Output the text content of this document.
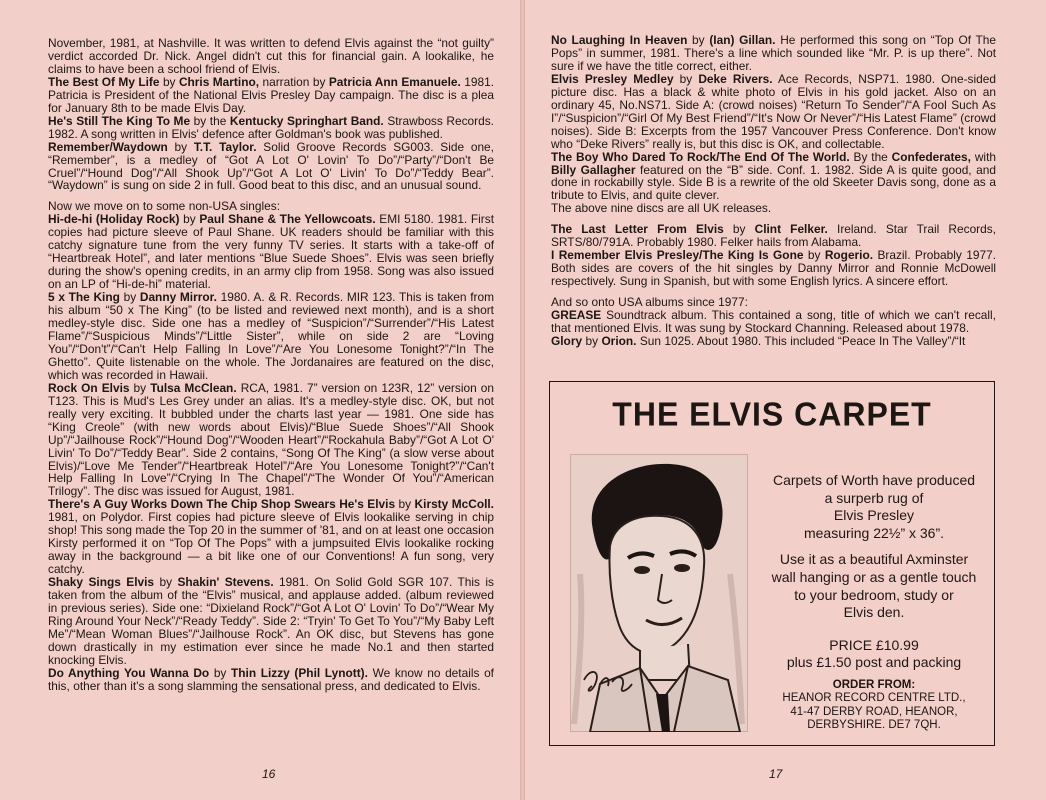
November, 1981, at Nashville. It was written to defend Elvis against the “not guilty” verdict accorded Dr. Nick. Angel didn't cut this for financial gain. A lookalike, he claims to have been a school friend of Elvis.

The Best Of My Life by Chris Martino, narration by Patricia Ann Emanuele. 1981. Patricia is President of the National Elvis Presley Day campaign. The disc is a plea for January 8th to be made Elvis Day.

He's Still The King To Me by the Kentucky Springhart Band. Strawboss Records. 1982. A song written in Elvis' defence after Goldman's book was published.

Remember/Waydown by T.T. Taylor. Solid Groove Records SG003. Side one, “Remember”, is a medley of “Got A Lot O' Lovin' To Do”/“Party”/“Don't Be Cruel”/“Hound Dog”/“All Shook Up”/“Got A Lot O' Livin' To Do”/“Teddy Bear”. “Waydown” is sung on side 2 in full. Good beat to this disc, and an unusual sound.

Now we move on to some non-USA singles:

Hi-de-hi (Holiday Rock) by Paul Shane & The Yellowcoats. EMI 5180. 1981. First copies had picture sleeve of Paul Shane. UK readers should be familiar with this catchy signature tune from the very funny TV series. It starts with a take-off of “Heartbreak Hotel”, and later mentions “Blue Suede Shoes”. Elvis was seen briefly during the show's opening credits, in an army clip from 1958. Song was also issued on an LP of “Hi-de-hi” material.

5 x The King by Danny Mirror. 1980. A. & R. Records. MIR 123. This is taken from his album “50 x The King” (to be listed and reviewed next month), and is a short medley-style disc. Side one has a medley of “Suspicion”/“Surrender”/“His Latest Flame”/“Suspicious Minds”/“Little Sister”, while on side 2 are “Loving You”/“Don't”/“Can't Help Falling In Love”/“Are You Lonesome Tonight?”/“In The Ghetto”. Quite listenable on the whole. The Jordanaires are featured on the disc, which was recorded in Hawaii.

Rock On Elvis by Tulsa McClean. RCA, 1981. 7” version on 123R, 12” version on T123. This is Mud's Les Grey under an alias. It's a medley-style disc. OK, but not really very exciting. It bubbled under the charts last year — 1981. One side has “King Creole” (with new words about Elvis)/“Blue Suede Shoes”/“All Shook Up”/“Jailhouse Rock”/“Hound Dog”/“Wooden Heart”/“Rockahula Baby”/“Got A Lot O' Livin' To Do”/“Teddy Bear”. Side 2 contains, “Song Of The King” (a slow verse about Elvis)/“Love Me Tender”/“Heartbreak Hotel”/“Are You Lonesome Tonight?”/“Can't Help Falling In Love”/“Crying In The Chapel”/“The Wonder Of You”/“American Trilogy”. The disc was issued for August, 1981.

There's A Guy Works Down The Chip Shop Swears He's Elvis by Kirsty McColl. 1981, on Polydor. First copies had picture sleeve of Elvis lookalike serving in chip shop! This song made the Top 20 in the summer of '81, and on at least one occasion Kirsty performed it on “Top Of The Pops” with a jumpsuited Elvis lookalike rocking away in the background — a bit like one of our Conventions! A fun song, very catchy.

Shaky Sings Elvis by Shakin' Stevens. 1981. On Solid Gold SGR 107. This is taken from the album of the “Elvis” musical, and applause added. (album reviewed in previous series). Side one: “Dixieland Rock”/“Got A Lot O' Lovin' To Do”/“Wear My Ring Around Your Neck”/“Ready Teddy”. Side 2: “Tryin' To Get To You”/“My Baby Left Me”/“Mean Woman Blues”/“Jailhouse Rock”. An OK disc, but Stevens has gone down drastically in my estimation ever since he made No.1 and then started knocking Elvis.

Do Anything You Wanna Do by Thin Lizzy (Phil Lynott). We know no details of this, other than it's a song slamming the sensational press, and dedicated to Elvis.

16

No Laughing In Heaven by (Ian) Gillan. He performed this song on “Top Of The Pops” in summer, 1981. There's a line which sounded like “Mr. P. is up there”. Not sure if we have the title correct, either.

Elvis Presley Medley by Deke Rivers. Ace Records, NSP71. 1980. One-sided picture disc. Has a black & white photo of Elvis in his gold jacket. Also on an ordinary 45, No.NS71. Side A: (crowd noises) “Return To Sender”/“A Fool Such As I”/“Suspicion”/“Girl Of My Best Friend”/“It's Now Or Never”/“His Latest Flame” (crowd noises). Side B: Excerpts from the 1957 Vancouver Press Conference. Don't know who “Deke Rivers” really is, but this disc is OK, and collectable.

The Boy Who Dared To Rock/The End Of The World. By the Confederates, with Billy Gallagher featured on the “B” side. Conf. 1. 1982. Side A is quite good, and done in rockabilly style. Side B is a rewrite of the old Skeeter Davis song, done as a tribute to Elvis, and quite clever.

The above nine discs are all UK releases.

The Last Letter From Elvis by Clint Felker. Ireland. Star Trail Records, SRTS/80/791A. Probably 1980. Felker hails from Alabama.

I Remember Elvis Presley/The King Is Gone by Rogerio. Brazil. Probably 1977. Both sides are covers of the hit singles by Danny Mirror and Ronnie McDowell respectively. Sung in Spanish, but with some English lyrics. A sincere effort.

And so onto USA albums since 1977:

GREASE Soundtrack album. This contained a song, title of which we can't recall, that mentioned Elvis. It was sung by Stockard Channing. Released about 1978.

Glory by Orion. Sun 1025. About 1980. This included “Peace In The Valley”/“It

17
THE ELVIS CARPET
Carpets of Worth have produced
a surperb rug of
Elvis Presley
measuring 22½” x 36”.
Use it as a beautiful Axminster
wall hanging or as a gentle touch
to your bedroom, study or
Elvis den.
PRICE £10.99
plus £1.50 post and packing
ORDER FROM:
HEANOR RECORD CENTRE LTD.,
41-47 DERBY ROAD, HEANOR,
DERBYSHIRE. DE7 7QH.
